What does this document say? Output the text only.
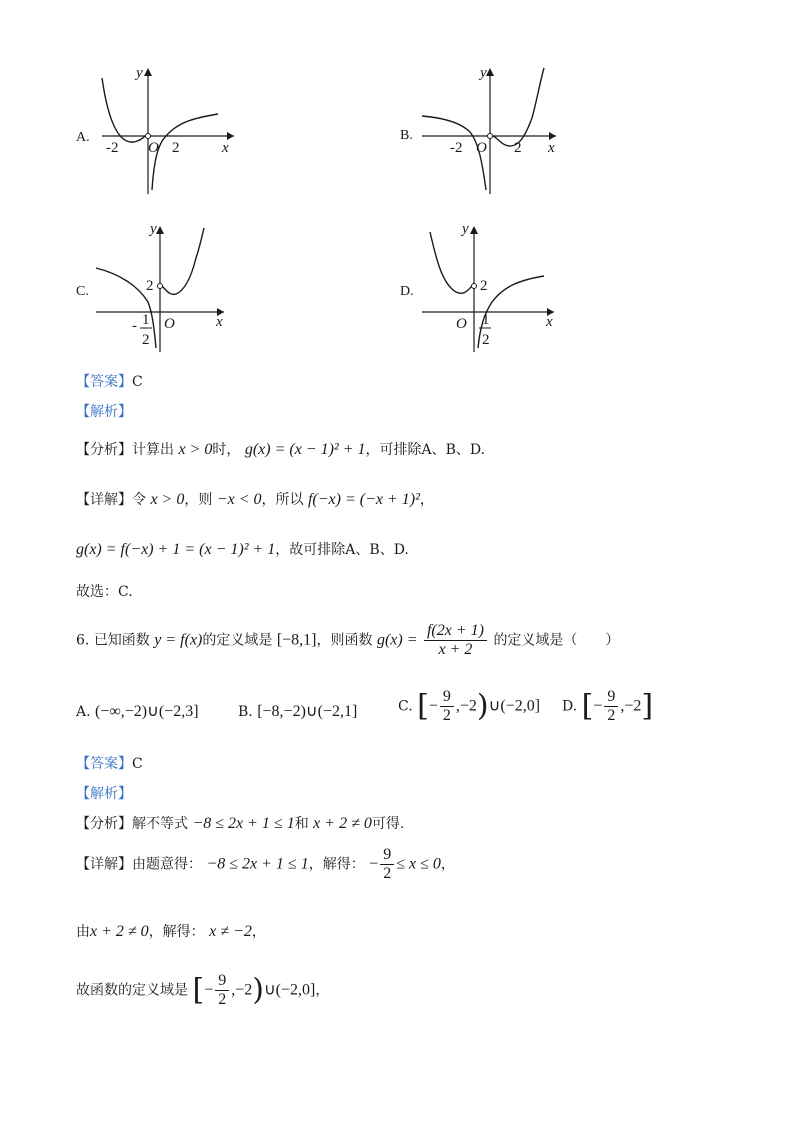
A.
y
x
O
-2	2
B.
y
x
O
-2	2
C.
y
x
O
2
- 1
2
D.
y
x
O
2
1
2
【答案】C
【解析】
【分析】计算出 x > 0时， g(x) = (x − 1)² + 1，可排除A、B、D.
【详解】令 x > 0，则 −x < 0，所以 f(−x) = (−x + 1)²，
g(x) = f(−x) + 1 = (x − 1)² + 1，故可排除A、B、D.
故选：C.
6. 已知函数 y = f(x)的定义域是 [−8,1]，则函数 $g(x) = \frac{f(2x + 1)}{x + 2}$ 的定义域是（　　）
A. (−∞,−2)∪(−2,3]	B. [−8,−2)∪(−2,1]	C. [− $\frac{9}{2}$ ,−2)∪(−2,0] D. [− $\frac{9}{2} ,-2$]
【答案】C
【解析】
【分析】解不等式 −8 ≤ 2x + 1 ≤ 1和 x + 2 ≠ 0可得.
【详解】由题意得： −8 ≤ 2x + 1 ≤ 1，解得： − $\frac{9}{2} \le x \le 0$，
由x + 2 ≠ 0，解得： x ≠ −2，
故函数的定义域是 [− $\frac{9}{2}$ ,−2)∪(−2,0]，
